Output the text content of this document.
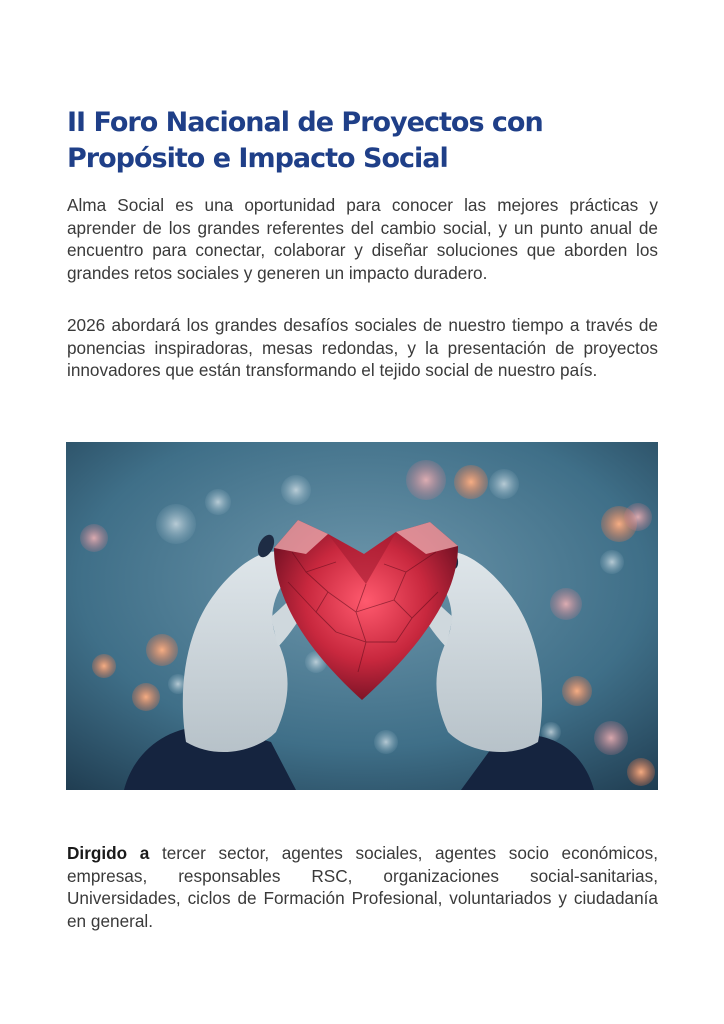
II Foro Nacional de Proyectos con Propósito e Impacto Social

Alma Social es una oportunidad para conocer las mejores prácticas y aprender de los grandes referentes del cambio social, y un punto anual de encuentro para conectar, colaborar y diseñar soluciones que aborden los grandes retos sociales y generen un impacto duradero.

2026 abordará los grandes desafíos sociales de nuestro tiempo a través de ponencias inspiradoras, mesas redondas, y la presentación de proyectos innovadores que están transformando el tejido social de nuestro país.

Dirgido a tercer sector, agentes sociales, agentes socio económicos, empresas, responsables RSC, organizaciones social-sanitarias, Universidades, ciclos de Formación Profesional, voluntariados y ciudadanía en general.
